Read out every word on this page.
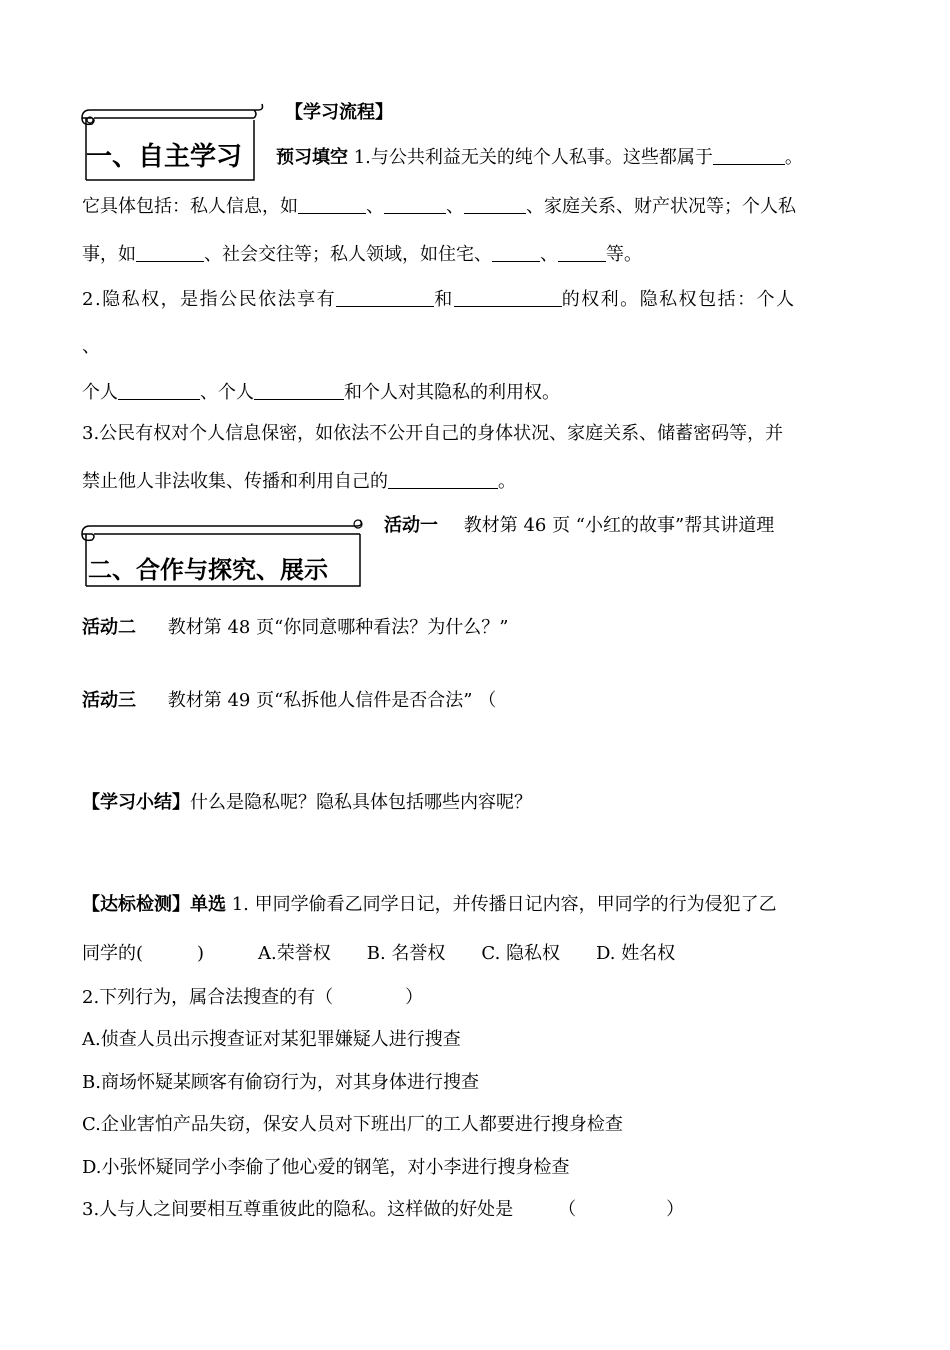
【学习流程】
一、自主学习 预习填空 1.与公共利益无关的纯个人私事。这些都属于	。
它具体包括：私人信息，如	、	、	、家庭关系、财产状况等；个人私
事，如	、社会交往等；私人领域，如住宅、	、	等。
2.隐私权，是指公民依法享有	和	的权利。隐私权包括：个人
、
个人	、个人	和个人对其隐私的利用权。
3.公民有权对个人信息保密，如依法不公开自己的身体状况、家庭关系、储蓄密码等，并
禁止他人非法收集、传播和利用自己的	。
二、合作与探究、展示
活动一 教材第 46 页 “小红的故事”帮其讲道理
活动二 教材第 48 页“你同意哪种看法？为什么？”
活动三 教材第 49 页“私拆他人信件是否合法” （
【学习小结】什么是隐私呢？隐私具体包括哪些内容呢？
【达标检测】单选 1. 甲同学偷看乙同学日记，并传播日记内容，甲同学的行为侵犯了乙
同学的(　　　)　　　A.荣誉权　　B. 名誉权　　C. 隐私权　　D. 姓名权
2.下列行为，属合法搜查的有（　　　　）
A.侦查人员出示搜查证对某犯罪嫌疑人进行搜查
B.商场怀疑某顾客有偷窃行为，对其身体进行搜查
C.企业害怕产品失窃，保安人员对下班出厂的工人都要进行搜身检查
D.小张怀疑同学小李偷了他心爱的钢笔，对小李进行搜身检查
3.人与人之间要相互尊重彼此的隐私。这样做的好处是　　　（　　　　　）
